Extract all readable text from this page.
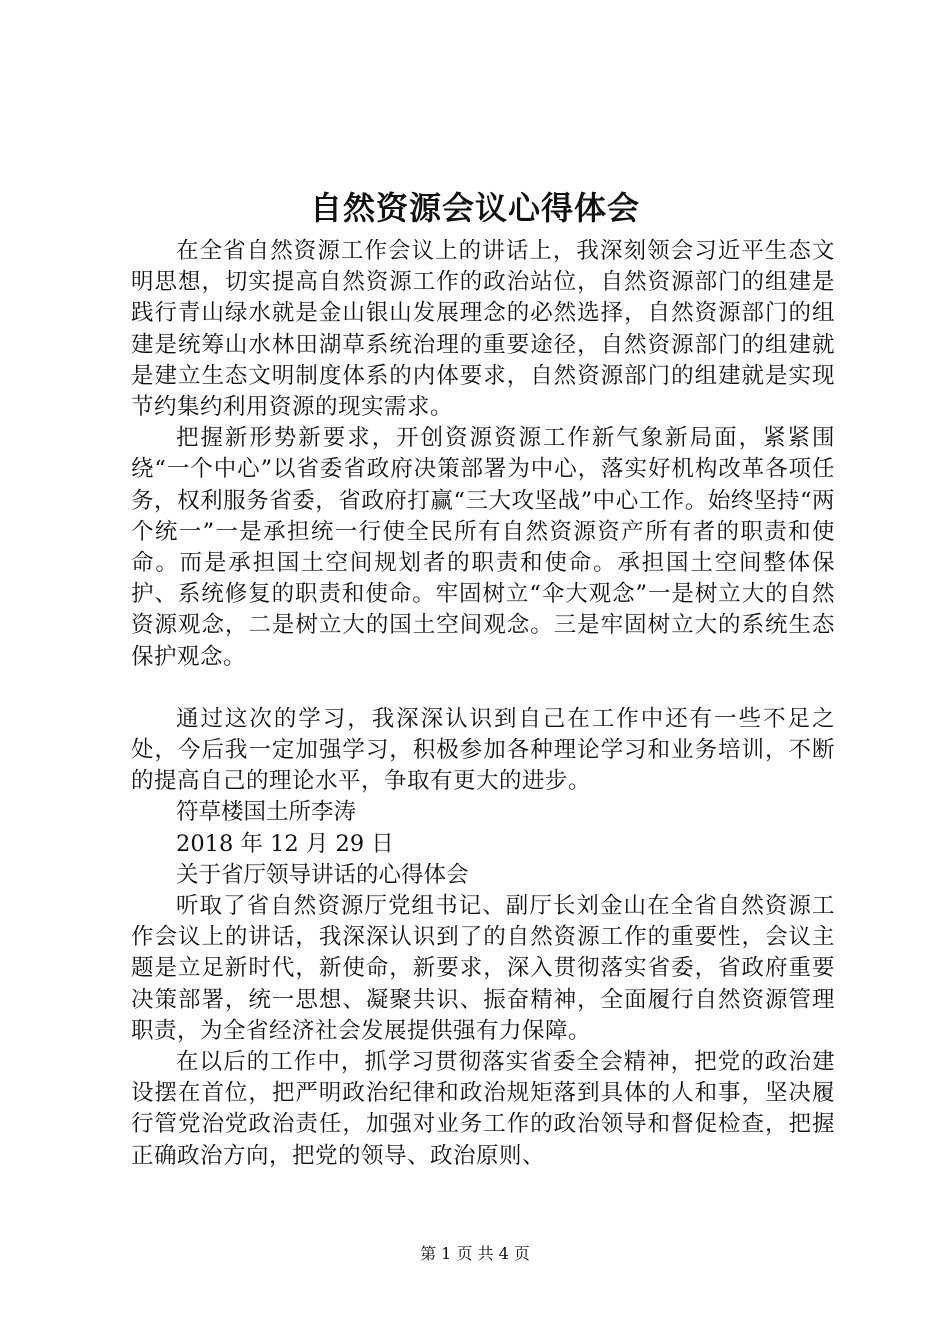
自然资源会议心得体会

在全省自然资源工作会议上的讲话上，我深刻领会习近平生态文明思想，切实提高自然资源工作的政治站位，自然资源部门的组建是践行青山绿水就是金山银山发展理念的必然选择，自然资源部门的组建是统筹山水林田湖草系统治理的重要途径，自然资源部门的组建就是建立生态文明制度体系的内体要求，自然资源部门的组建就是实现节约集约利用资源的现实需求。

把握新形势新要求，开创资源资源工作新气象新局面，紧紧围绕“一个中心”以省委省政府决策部署为中心，落实好机构改革各项任务，权利服务省委，省政府打赢“三大攻坚战”中心工作。始终坚持“两个统一”一是承担统一行使全民所有自然资源资产所有者的职责和使命。而是承担国土空间规划者的职责和使命。承担国土空间整体保护、系统修复的职责和使命。牢固树立“伞大观念”一是树立大的自然资源观念，二是树立大的国土空间观念。三是牢固树立大的系统生态保护观念。

通过这次的学习，我深深认识到自己在工作中还有一些不足之处，今后我一定加强学习，积极参加各种理论学习和业务培训，不断的提高自己的理论水平，争取有更大的进步。

符草楼国土所李涛

2018 年 12 月 29 日

关于省厅领导讲话的心得体会

听取了省自然资源厅党组书记、副厅长刘金山在全省自然资源工作会议上的讲话，我深深认识到了的自然资源工作的重要性，会议主题是立足新时代，新使命，新要求，深入贯彻落实省委，省政府重要决策部署，统一思想、凝聚共识、振奋精神，全面履行自然资源管理职责，为全省经济社会发展提供强有力保障。

在以后的工作中，抓学习贯彻落实省委全会精神，把党的政治建设摆在首位，把严明政治纪律和政治规矩落到具体的人和事，坚决履行管党治党政治责任，加强对业务工作的政治领导和督促检查，把握正确政治方向，把党的领导、政治原则、

第 1 页 共 4 页
